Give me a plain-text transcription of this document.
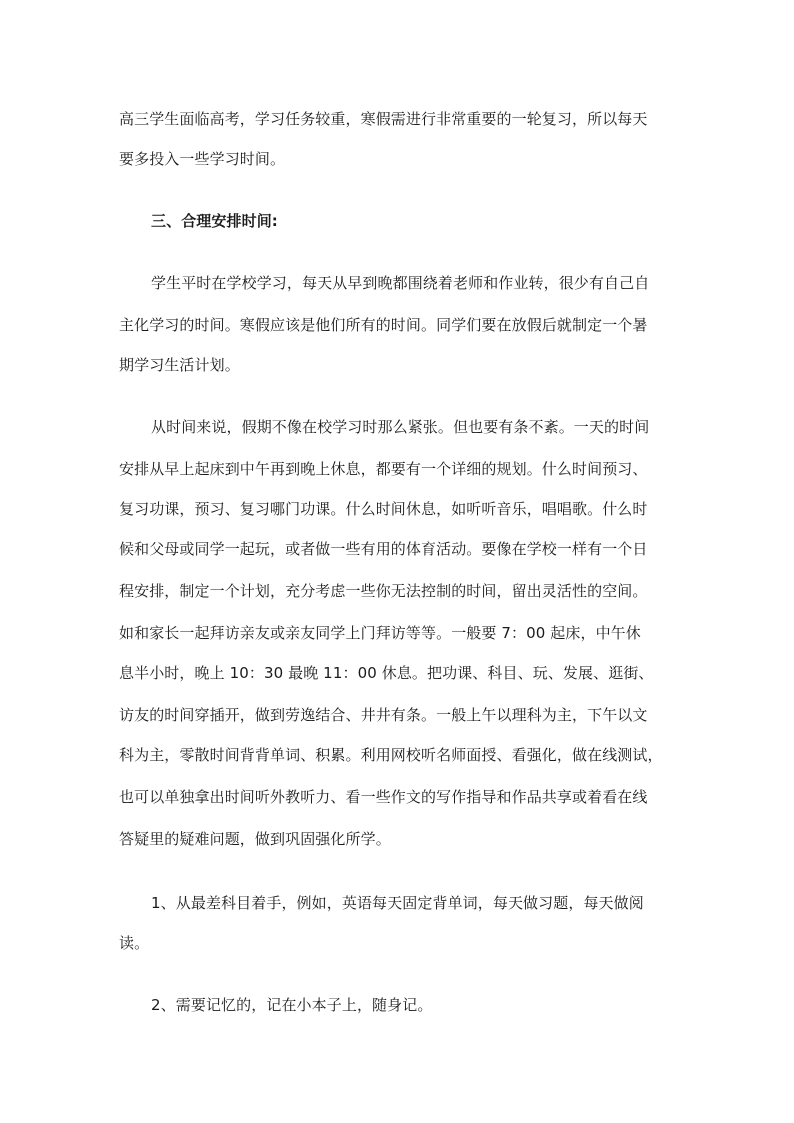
高三学生面临高考，学习任务较重，寒假需进行非常重要的一轮复习，所以每天
要多投入一些学习时间。
三、合理安排时间:
学生平时在学校学习，每天从早到晚都围绕着老师和作业转，很少有自己自
主化学习的时间。寒假应该是他们所有的时间。同学们要在放假后就制定一个暑
期学习生活计划。
从时间来说，假期不像在校学习时那么紧张。但也要有条不紊。一天的时间
安排从早上起床到中午再到晚上休息，都要有一个详细的规划。什么时间预习、
复习功课，预习、复习哪门功课。什么时间休息，如听听音乐，唱唱歌。什么时
候和父母或同学一起玩，或者做一些有用的体育活动。要像在学校一样有一个日
程安排，制定一个计划，充分考虑一些你无法控制的时间，留出灵活性的空间。
如和家长一起拜访亲友或亲友同学上门拜访等等。一般要 7：00 起床，中午休
息半小时，晚上 10：30 最晚 11：00 休息。把功课、科目、玩、发展、逛街、
访友的时间穿插开，做到劳逸结合、井井有条。一般上午以理科为主，下午以文
科为主，零散时间背背单词、积累。利用网校听名师面授、看强化，做在线测试，
也可以单独拿出时间听外教听力、看一些作文的写作指导和作品共享或着看在线
答疑里的疑难问题，做到巩固强化所学。
1、从最差科目着手，例如，英语每天固定背单词，每天做习题，每天做阅
读。
2、需要记忆的，记在小本子上，随身记。
